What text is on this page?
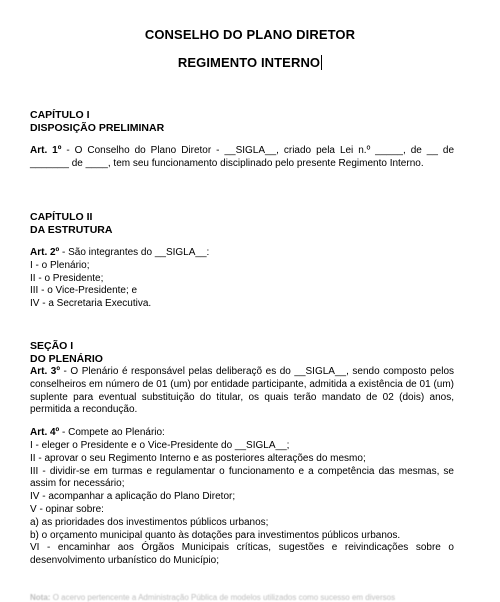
CONSELHO DO PLANO DIRETOR
REGIMENTO INTERNO

CAPÍTULO I

DISPOSIÇÃO PRELIMINAR

Art. 1º - O Conselho do Plano Diretor - __SIGLA__, criado pela Lei n.º _____, de __ de _______ de ____, tem seu funcionamento disciplinado pelo presente Regimento Interno.

CAPÍTULO II

DA ESTRUTURA

Art. 2º - São integrantes do __SIGLA__:

I - o Plenário;

II - o Presidente;

III - o Vice-Presidente; e

IV - a Secretaria Executiva.

SEÇÃO I

DO PLENÁRIO

Art. 3º - O Plenário é responsável pelas deliberaçõ es do __SIGLA__, sendo composto pelos conselheiros em número de 01 (um) por entidade participante, admitida a existência de 01 (um) suplente para eventual substituição do titular, os quais terão mandato de 02 (dois) anos, permitida a recondução.

Art. 4º - Compete ao Plenário:

I - eleger o Presidente e o Vice-Presidente do __SIGLA__;

II - aprovar o seu Regimento Interno e as posteriores alterações do mesmo;

III - dividir-se em turmas e regulamentar o funcionamento e a competência das mesmas, se assim for necessário;

IV - acompanhar a aplicação do Plano Diretor;

V - opinar sobre:

a) as prioridades dos investimentos públicos urbanos;

b) o orçamento municipal quanto às dotações para investimentos públicos urbanos.

VI - encaminhar aos Órgãos Municipais críticas, sugestões e reivindicações sobre o desenvolvimento urbanístico do Município;

Nota: O acervo pertencente a Administração Pública de modelos utilizados como sucesso em diversos
